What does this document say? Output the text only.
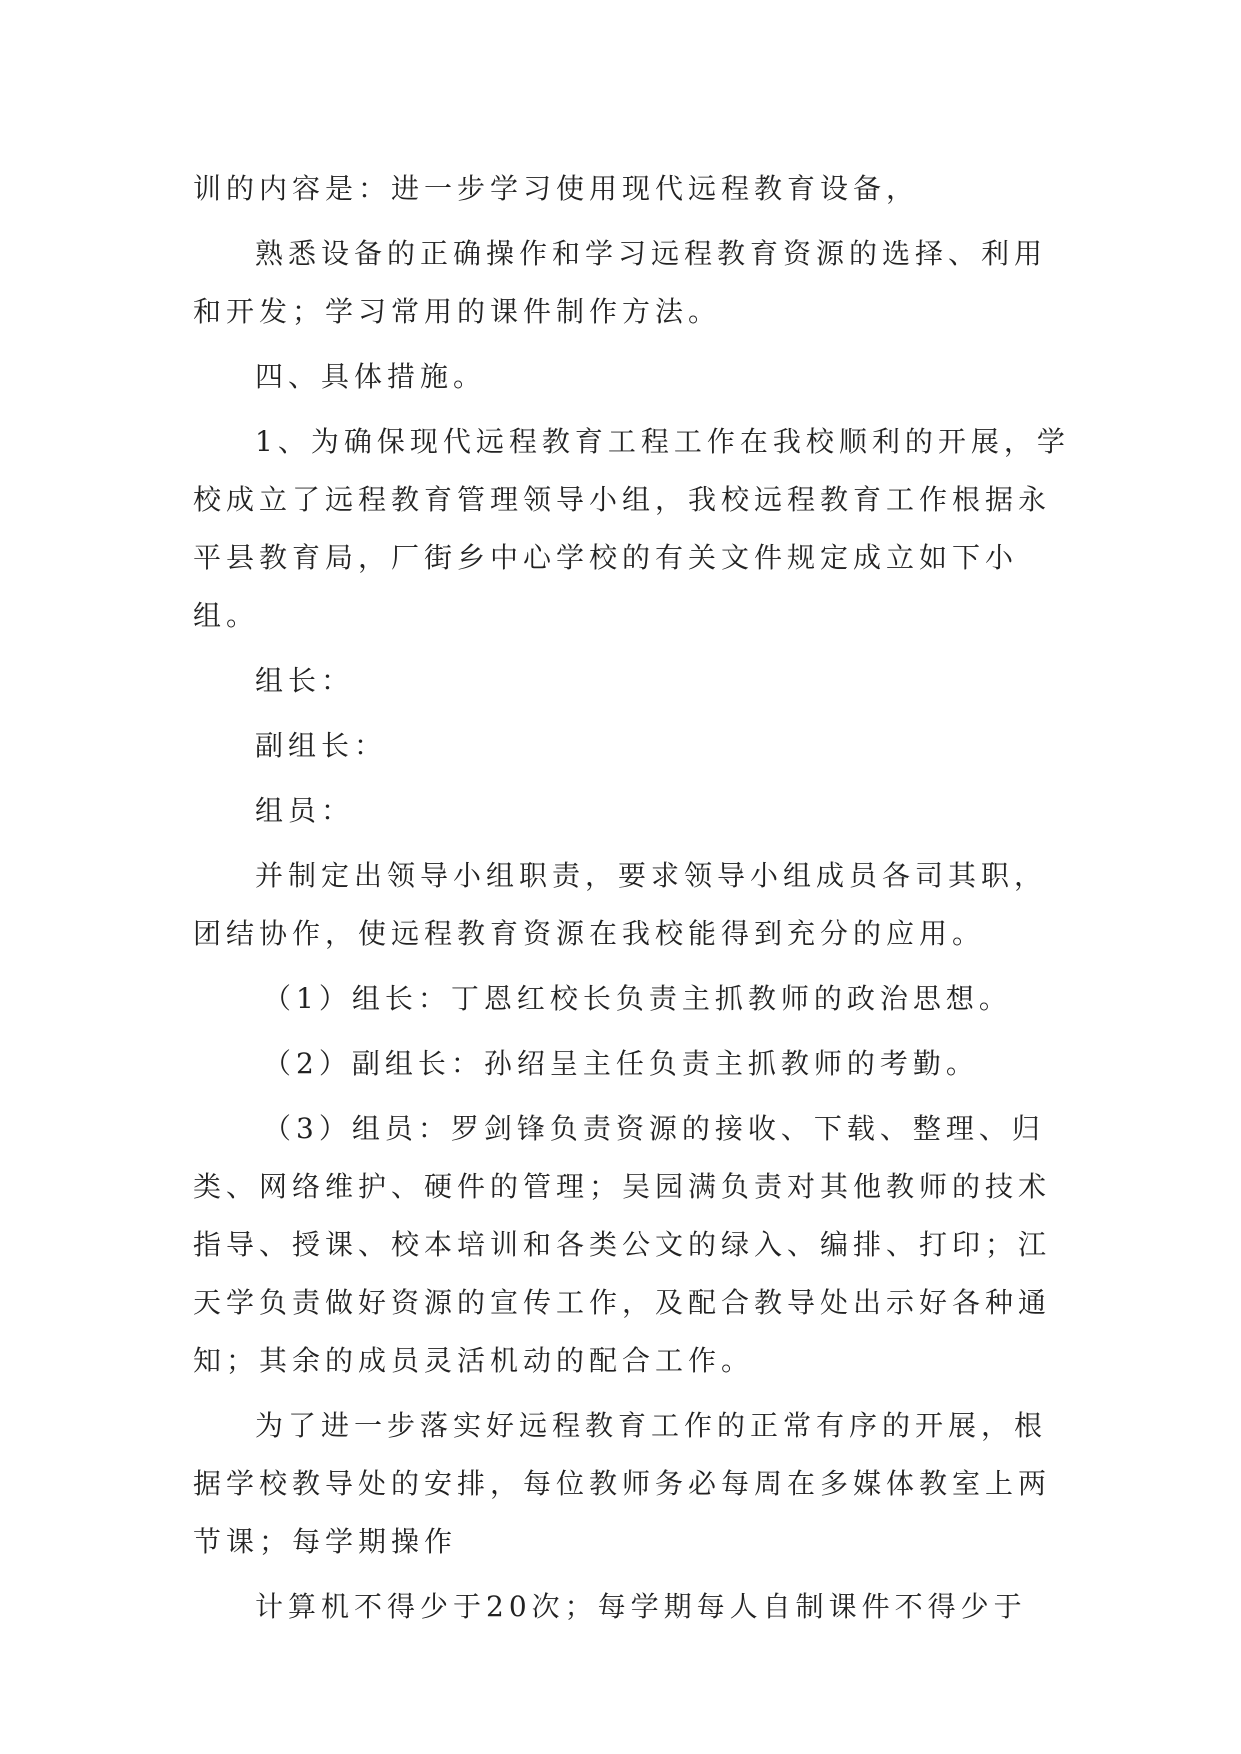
训的内容是：进一步学习使用现代远程教育设备，

熟悉设备的正确操作和学习远程教育资源的选择、利用和开发；学习常用的课件制作方法。

四、具体措施。

1、为确保现代远程教育工程工作在我校顺利的开展，学校成立了远程教育管理领导小组，我校远程教育工作根据永平县教育局，厂街乡中心学校的有关文件规定成立如下小组。

组长：

副组长：

组员：

并制定出领导小组职责，要求领导小组成员各司其职，团结协作，使远程教育资源在我校能得到充分的应用。

（1）组长：丁恩红校长负责主抓教师的政治思想。

（2）副组长：孙绍呈主任负责主抓教师的考勤。

（3）组员：罗剑锋负责资源的接收、下载、整理、归类、网络维护、硬件的管理；吴园满负责对其他教师的技术指导、授课、校本培训和各类公文的绿入、编排、打印；江天学负责做好资源的宣传工作，及配合教导处出示好各种通知；其余的成员灵活机动的配合工作。

为了进一步落实好远程教育工作的正常有序的开展，根据学校教导处的安排，每位教师务必每周在多媒体教室上两节课；每学期操作

计算机不得少于20次；每学期每人自制课件不得少于
